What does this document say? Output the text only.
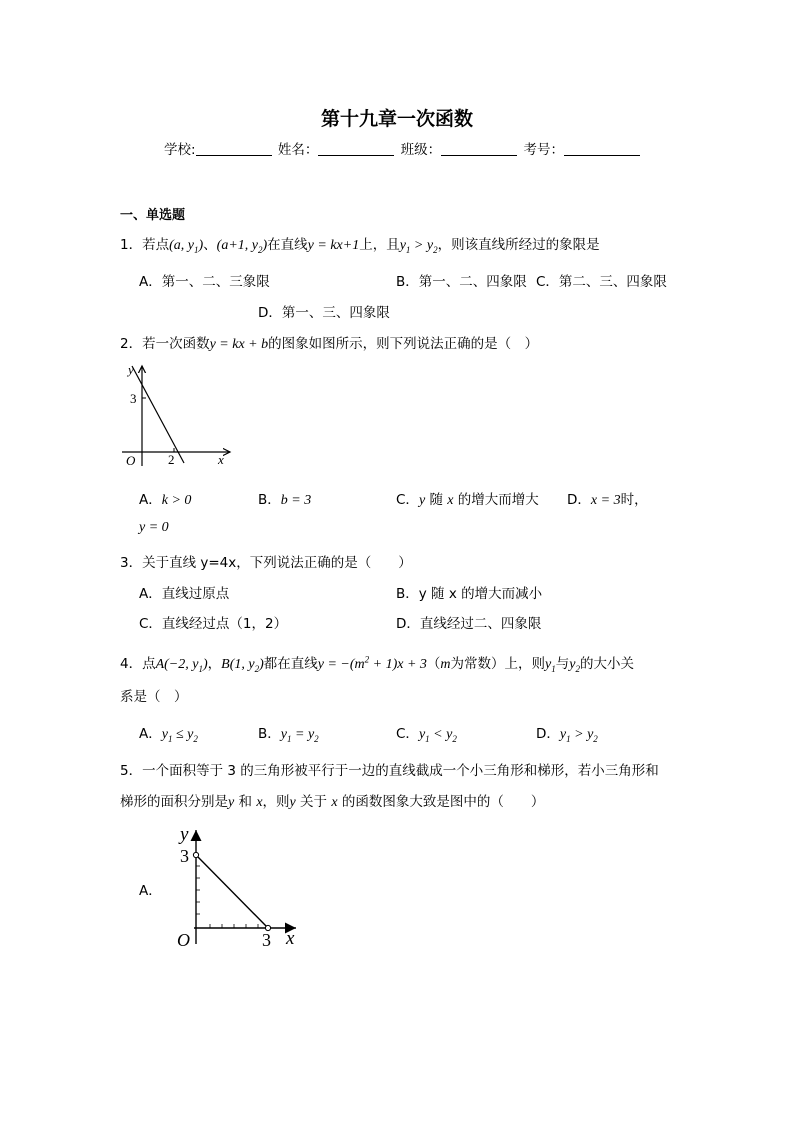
第十九章一次函数
学校:	姓名：	班级：	考号：
一、单选题
1．若点(a, $y_1$)、(a+1, $y_2$)在直线y = kx+1上，且$y_1 > y_2$，则该直线所经过的象限是
A．第一、二、三象限	B．第一、二、四象限 C．第二、三、四象限
D．第一、三、四象限
2．若一次函数y = kx + b的图象如图所示，则下列说法正确的是（　）
y
x
O
3
2
A．k > 0	B．b = 3	C．y 随 x 的增大而增大 D．x = 3时，
y = 0
3．关于直线 y=4x，下列说法正确的是（　　）
A．直线过原点	B．y 随 x 的增大而减小
C．直线经过点（1，2）	D．直线经过二、四象限
4．点A(−2, $y_1$)，B(1, $y_2$)都在直线$y = -(m^2 + 1)x + 3(m$为常数）上，则$y_1$与$y_2$的大小关
系是（　）
A．$y_1 \le y_2$	B．$y_1 = y_2$	C．$y_1 < y_2$	D．$y_1 > y_2$
5．一个面积等于 3 的三角形被平行于一边的直线截成一个小三角形和梯形，若小三角形和
梯形的面积分别是y 和 x，则y 关于 x 的函数图象大致是图中的（　　）
A．
y
x
O
3
3
